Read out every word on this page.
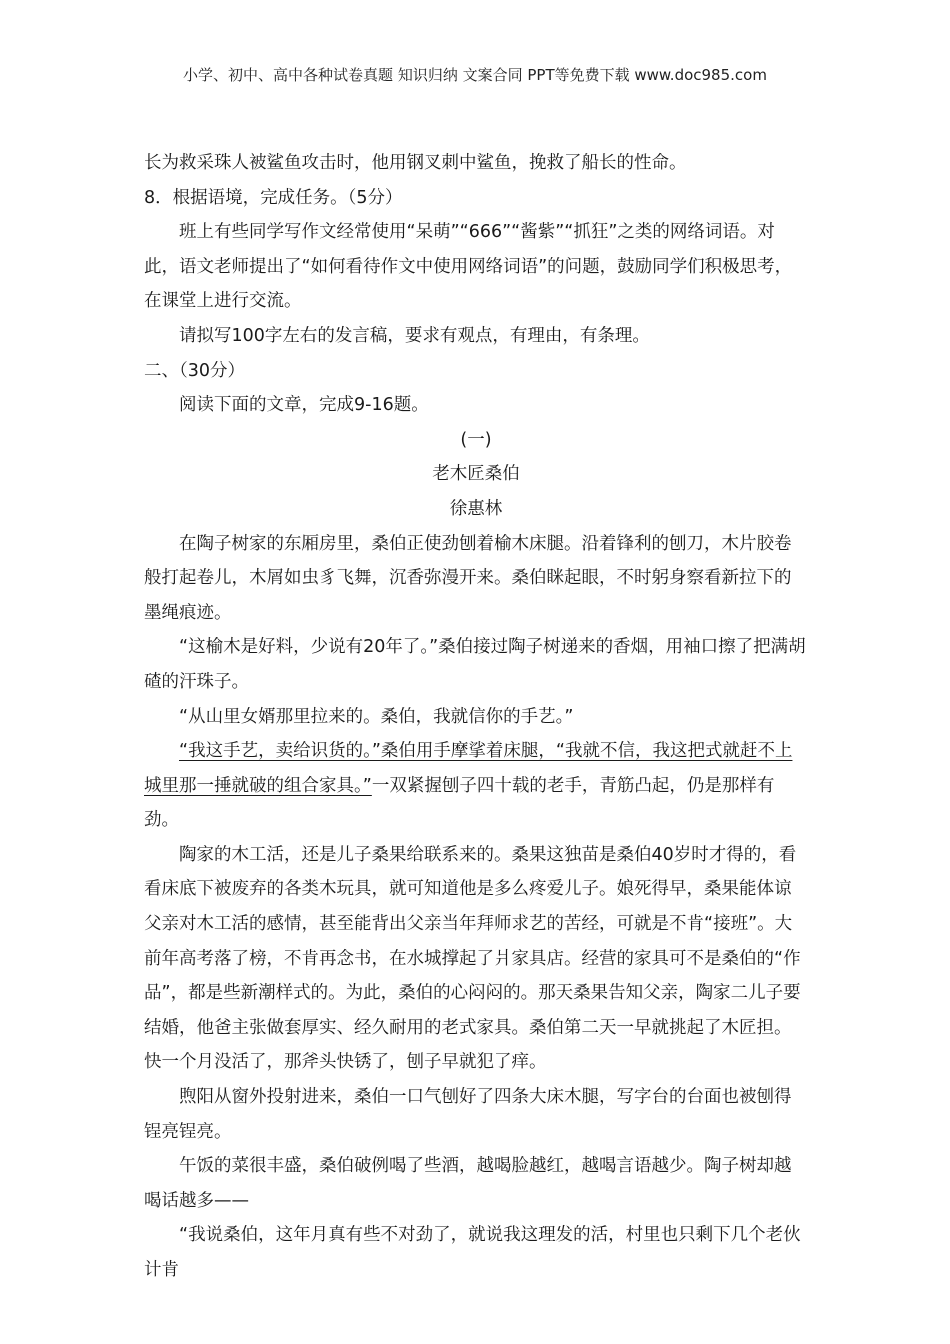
小学、初中、高中各种试卷真题 知识归纳 文案合同 PPT等免费下载 www.doc985.com

长为救采珠人被鲨鱼攻击时，他用钢叉刺中鲨鱼，挽救了船长的性命。

8．根据语境，完成任务。（5分）

班上有些同学写作文经常使用“呆萌”“666”“酱紫”“抓狂”之类的网络词语。对此，语文老师提出了“如何看待作文中使用网络词语”的问题，鼓励同学们积极思考，在课堂上进行交流。

请拟写100字左右的发言稿，要求有观点，有理由，有条理。

二、（30分）

阅读下面的文章，完成9-16题。

(一)

老木匠桑伯

徐惠林

在陶子树家的东厢房里，桑伯正使劲刨着榆木床腿。沿着锋利的刨刀，木片胶卷般打起卷儿，木屑如虫豸飞舞，沉香弥漫开来。桑伯眯起眼，不时躬身察看新拉下的墨绳痕迹。

“这榆木是好料，少说有20年了。”桑伯接过陶子树递来的香烟，用袖口擦了把满胡碴的汗珠子。

“从山里女婿那里拉来的。桑伯，我就信你的手艺。”

“我这手艺，卖给识货的。”桑伯用手摩挲着床腿，“我就不信，我这把式就赶不上城里那一捶就破的组合家具。”一双紧握刨子四十载的老手，青筋凸起，仍是那样有劲。

陶家的木工活，还是儿子桑果给联系来的。桑果这独苗是桑伯40岁时才得的，看看床底下被废弃的各类木玩具，就可知道他是多么疼爱儿子。娘死得早，桑果能体谅父亲对木工活的感情，甚至能背出父亲当年拜师求艺的苦经，可就是不肯“接班”。大前年高考落了榜，不肯再念书，在水城撑起了爿家具店。经营的家具可不是桑伯的“作品”，都是些新潮样式的。为此，桑伯的心闷闷的。那天桑果告知父亲，陶家二儿子要结婚，他爸主张做套厚实、经久耐用的老式家具。桑伯第二天一早就挑起了木匠担。快一个月没活了，那斧头快锈了，刨子早就犯了痒。

煦阳从窗外投射进来，桑伯一口气刨好了四条大床木腿，写字台的台面也被刨得锃亮锃亮。

午饭的菜很丰盛，桑伯破例喝了些酒，越喝脸越红，越喝言语越少。陶子树却越喝话越多——

“我说桑伯，这年月真有些不对劲了，就说我这理发的活，村里也只剩下几个老伙计肯
